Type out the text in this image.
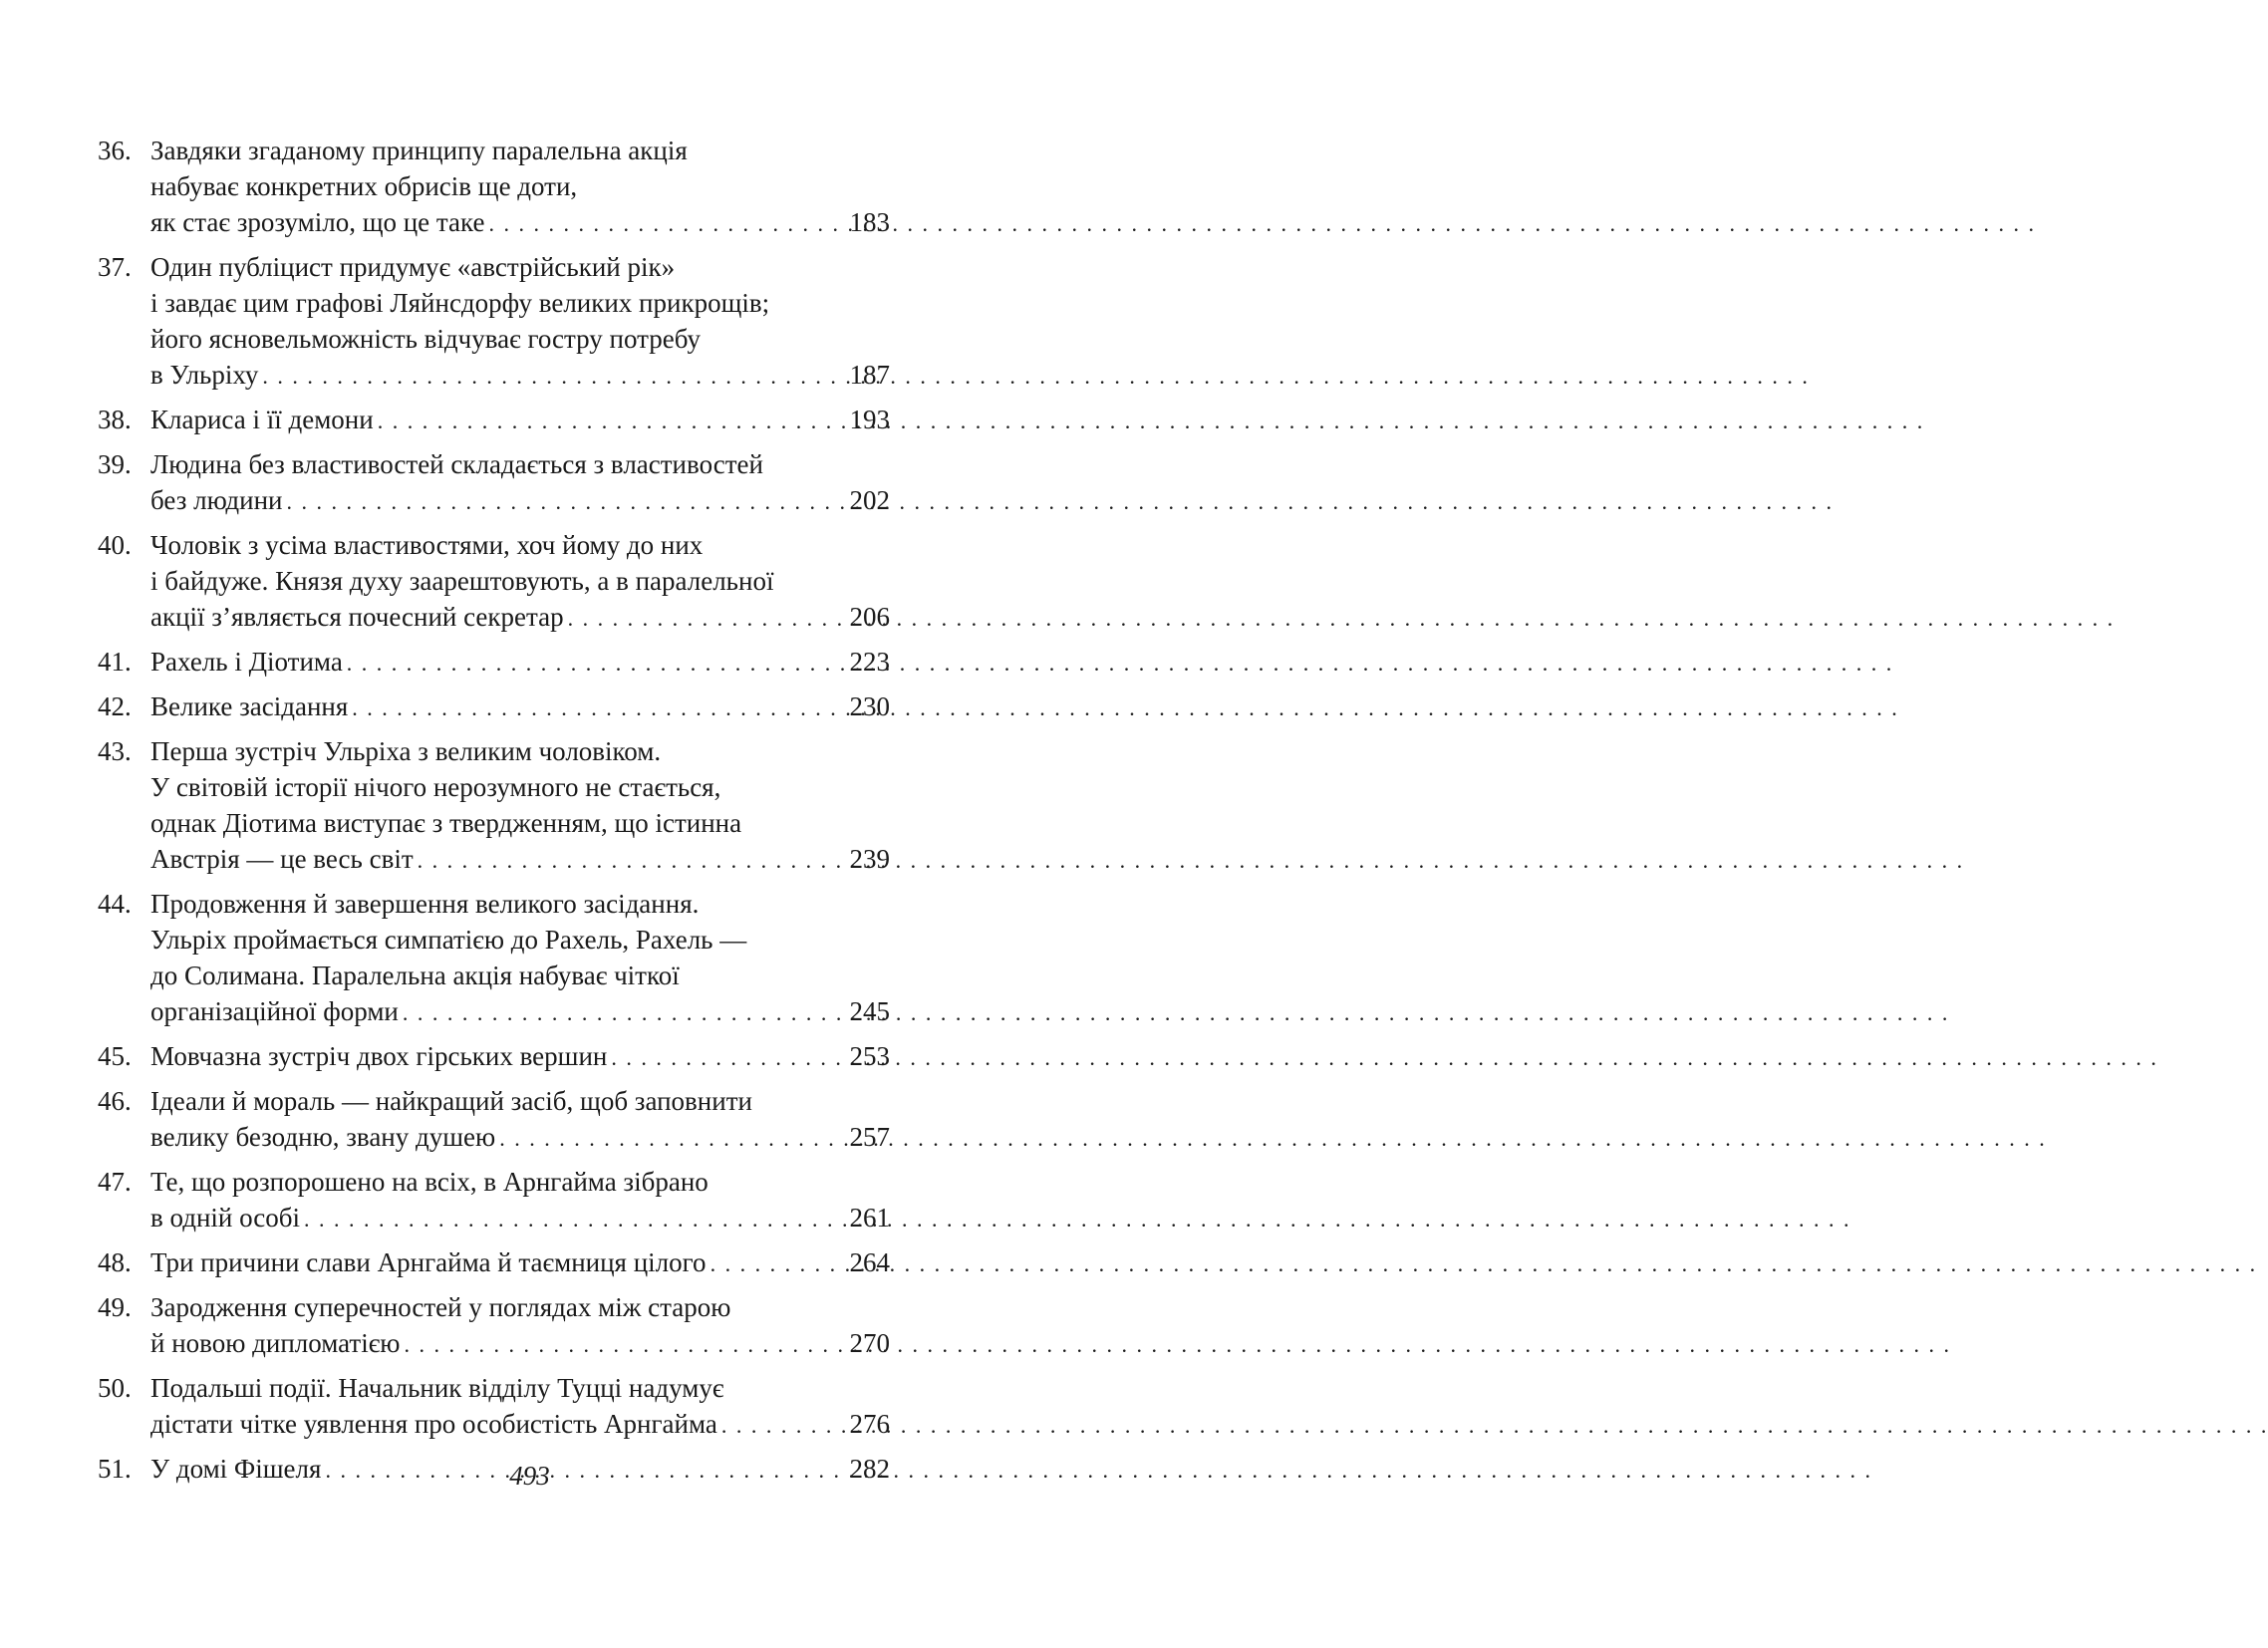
36. Завдяки згаданому принципу паралельна акція
набуває конкретних обрисів ще доти,
як стає зрозуміло, що це таке . . .	183
37. Один публіцист придумує «австрійський рік»
і завдає цим графові Ляйнсдорфу великих прикрощів;
його ясновельможність відчуває гостру потребу
в Ульріху . . .	187
38. Клариса і її демони . . .	193
39. Людина без властивостей складається з властивостей
без людини . . .	202
40. Чоловік з усіма властивостями, хоч йому до них
і байдуже. Князя духу заарештовують, а в паралельної
акції з’являється почесний секретар . . .	206
41. Рахель і Діотима . . .	223
42. Велике засідання . . .	230
43. Перша зустріч Ульріха з великим чоловіком.
У світовій історії нічого нерозумного не стається,
однак Діотима виступає з твердженням, що істинна
Австрія — це весь світ . . .	239
44. Продовження й завершення великого засідання.
Ульріх проймається симпатією до Рахель, Рахель —
до Солимана. Паралельна акція набуває чіткої
організаційної форми . . .	245
45. Мовчазна зустріч двох гірських вершин . . .	253
46. Ідеали й мораль — найкращий засіб, щоб заповнити
велику безодню, звану душею . . .	257
47. Те, що розпорошено на всіх, в Арнгайма зібрано
в одній особі . . .	261
48. Три причини слави Арнгайма й таємниця цілого . . .	264
49. Зародження суперечностей у поглядах між старою
й новою дипломатією . . .	270
50. Подальші події. Начальник відділу Туцці надумує
дістати чітке уявлення про особистість Арнгайма . . .	276
51. У домі Фішеля . . .	282
493
